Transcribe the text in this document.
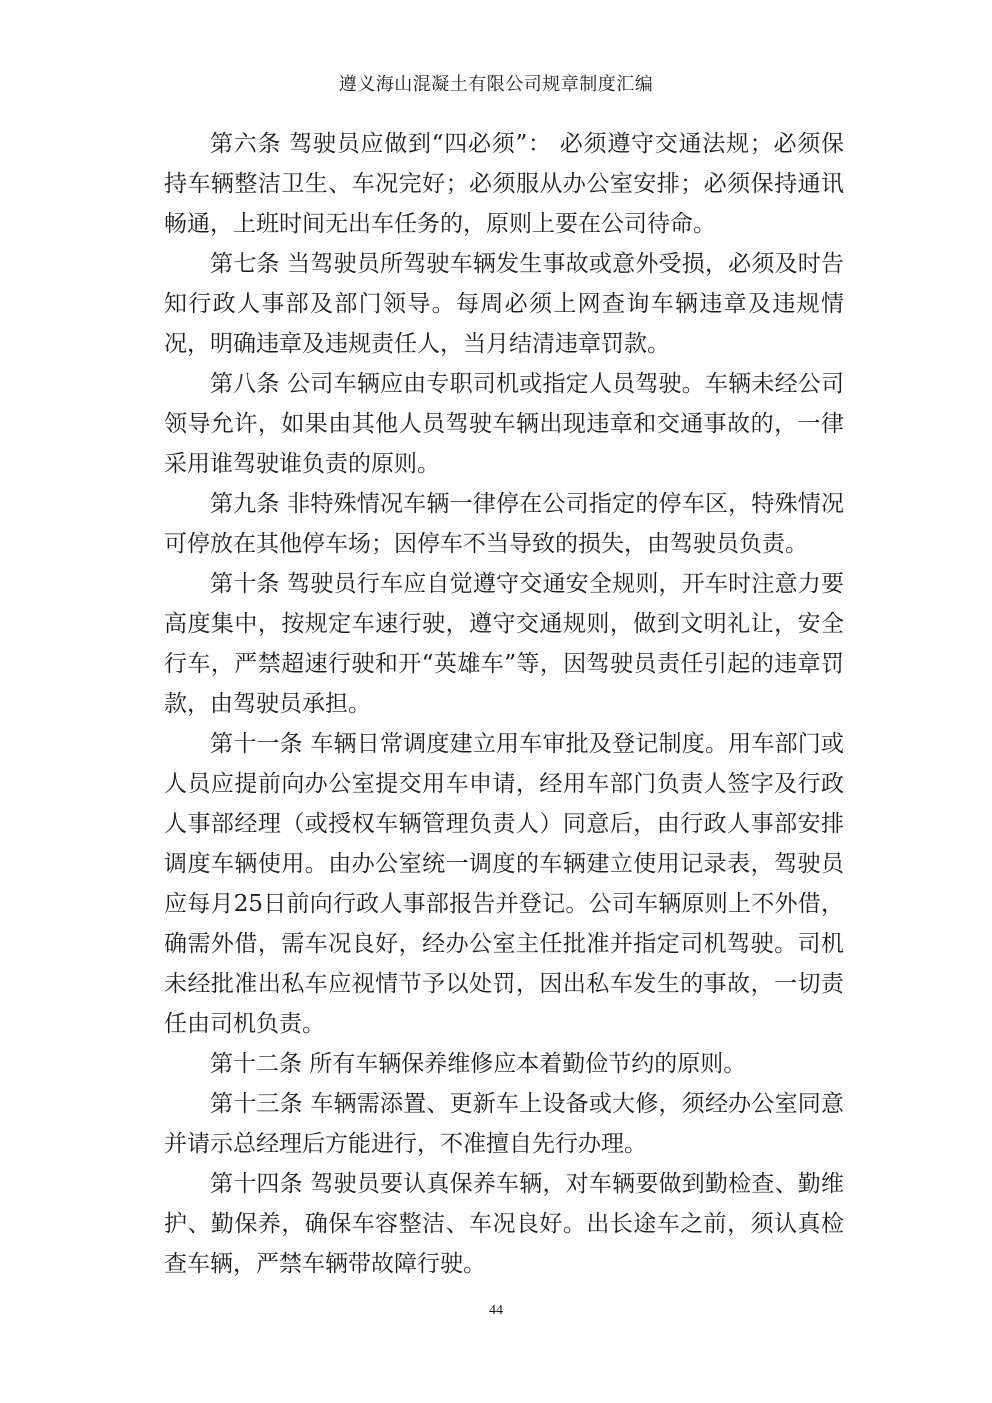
遵义海山混凝土有限公司规章制度汇编

第六条 驾驶员应做到“四必须”： 必须遵守交通法规；必须保持车辆整洁卫生、车况完好；必须服从办公室安排；必须保持通讯畅通，上班时间无出车任务的，原则上要在公司待命。

第七条 当驾驶员所驾驶车辆发生事故或意外受损，必须及时告知行政人事部及部门领导。每周必须上网查询车辆违章及违规情况，明确违章及违规责任人，当月结清违章罚款。

第八条 公司车辆应由专职司机或指定人员驾驶。车辆未经公司领导允许，如果由其他人员驾驶车辆出现违章和交通事故的，一律采用谁驾驶谁负责的原则。

第九条 非特殊情况车辆一律停在公司指定的停车区，特殊情况可停放在其他停车场；因停车不当导致的损失，由驾驶员负责。

第十条 驾驶员行车应自觉遵守交通安全规则，开车时注意力要高度集中，按规定车速行驶，遵守交通规则，做到文明礼让，安全行车，严禁超速行驶和开“英雄车”等，因驾驶员责任引起的违章罚款，由驾驶员承担。

第十一条 车辆日常调度建立用车审批及登记制度。用车部门或人员应提前向办公室提交用车申请，经用车部门负责人签字及行政人事部经理（或授权车辆管理负责人）同意后，由行政人事部安排调度车辆使用。由办公室统一调度的车辆建立使用记录表，驾驶员应每月25日前向行政人事部报告并登记。公司车辆原则上不外借，确需外借，需车况良好，经办公室主任批准并指定司机驾驶。司机未经批准出私车应视情节予以处罚，因出私车发生的事故，一切责任由司机负责。

第十二条 所有车辆保养维修应本着勤俭节约的原则。

第十三条 车辆需添置、更新车上设备或大修，须经办公室同意并请示总经理后方能进行，不准擅自先行办理。

第十四条 驾驶员要认真保养车辆，对车辆要做到勤检查、勤维护、勤保养，确保车容整洁、车况良好。出长途车之前，须认真检查车辆，严禁车辆带故障行驶。

44
